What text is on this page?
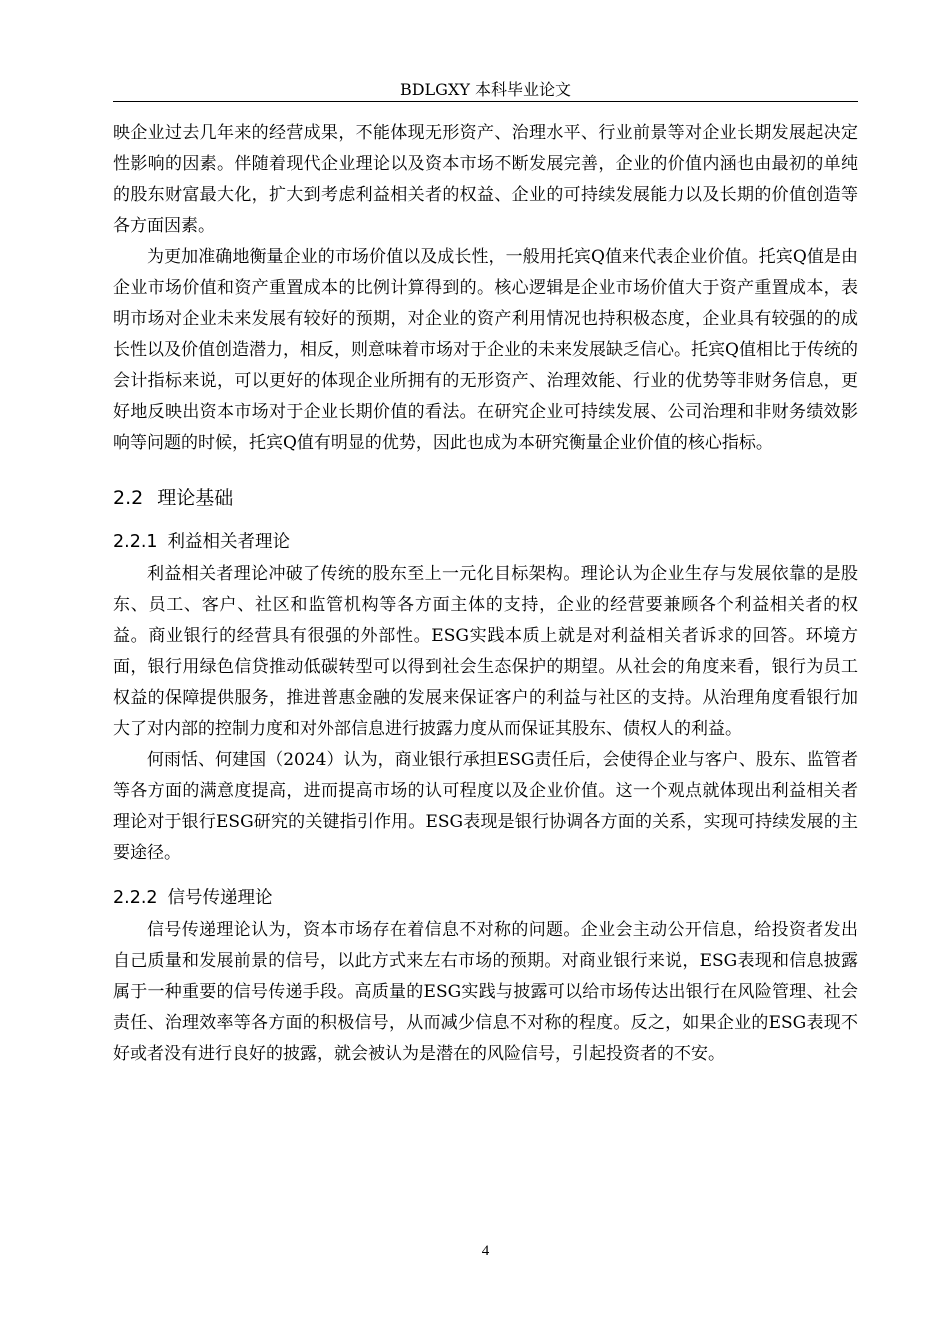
BDLGXY 本科毕业论文

映企业过去几年来的经营成果，不能体现无形资产、治理水平、行业前景等对企业长期发展起决定性影响的因素。伴随着现代企业理论以及资本市场不断发展完善，企业的价值内涵也由最初的单纯的股东财富最大化，扩大到考虑利益相关者的权益、企业的可持续发展能力以及长期的价值创造等各方面因素。

为更加准确地衡量企业的市场价值以及成长性，一般用托宾Q值来代表企业价值。托宾Q值是由企业市场价值和资产重置成本的比例计算得到的。核心逻辑是企业市场价值大于资产重置成本，表明市场对企业未来发展有较好的预期，对企业的资产利用情况也持积极态度，企业具有较强的的成长性以及价值创造潜力，相反，则意味着市场对于企业的未来发展缺乏信心。托宾Q值相比于传统的会计指标来说，可以更好的体现企业所拥有的无形资产、治理效能、行业的优势等非财务信息，更好地反映出资本市场对于企业长期价值的看法。在研究企业可持续发展、公司治理和非财务绩效影响等问题的时候，托宾Q值有明显的优势，因此也成为本研究衡量企业价值的核心指标。

2.2 理论基础

2.2.1 利益相关者理论

利益相关者理论冲破了传统的股东至上一元化目标架构。理论认为企业生存与发展依靠的是股东、员工、客户、社区和监管机构等各方面主体的支持，企业的经营要兼顾各个利益相关者的权益。商业银行的经营具有很强的外部性。ESG实践本质上就是对利益相关者诉求的回答。环境方面，银行用绿色信贷推动低碳转型可以得到社会生态保护的期望。从社会的角度来看，银行为员工权益的保障提供服务，推进普惠金融的发展来保证客户的利益与社区的支持。从治理角度看银行加大了对内部的控制力度和对外部信息进行披露力度从而保证其股东、债权人的利益。

何雨恬、何建国（2024）认为，商业银行承担ESG责任后，会使得企业与客户、股东、监管者等各方面的满意度提高，进而提高市场的认可程度以及企业价值。这一个观点就体现出利益相关者理论对于银行ESG研究的关键指引作用。ESG表现是银行协调各方面的关系，实现可持续发展的主要途径。

2.2.2 信号传递理论

信号传递理论认为，资本市场存在着信息不对称的问题。企业会主动公开信息，给投资者发出自己质量和发展前景的信号，以此方式来左右市场的预期。对商业银行来说，ESG表现和信息披露属于一种重要的信号传递手段。高质量的ESG实践与披露可以给市场传达出银行在风险管理、社会责任、治理效率等各方面的积极信号，从而减少信息不对称的程度。反之，如果企业的ESG表现不好或者没有进行良好的披露，就会被认为是潜在的风险信号，引起投资者的不安。

4
